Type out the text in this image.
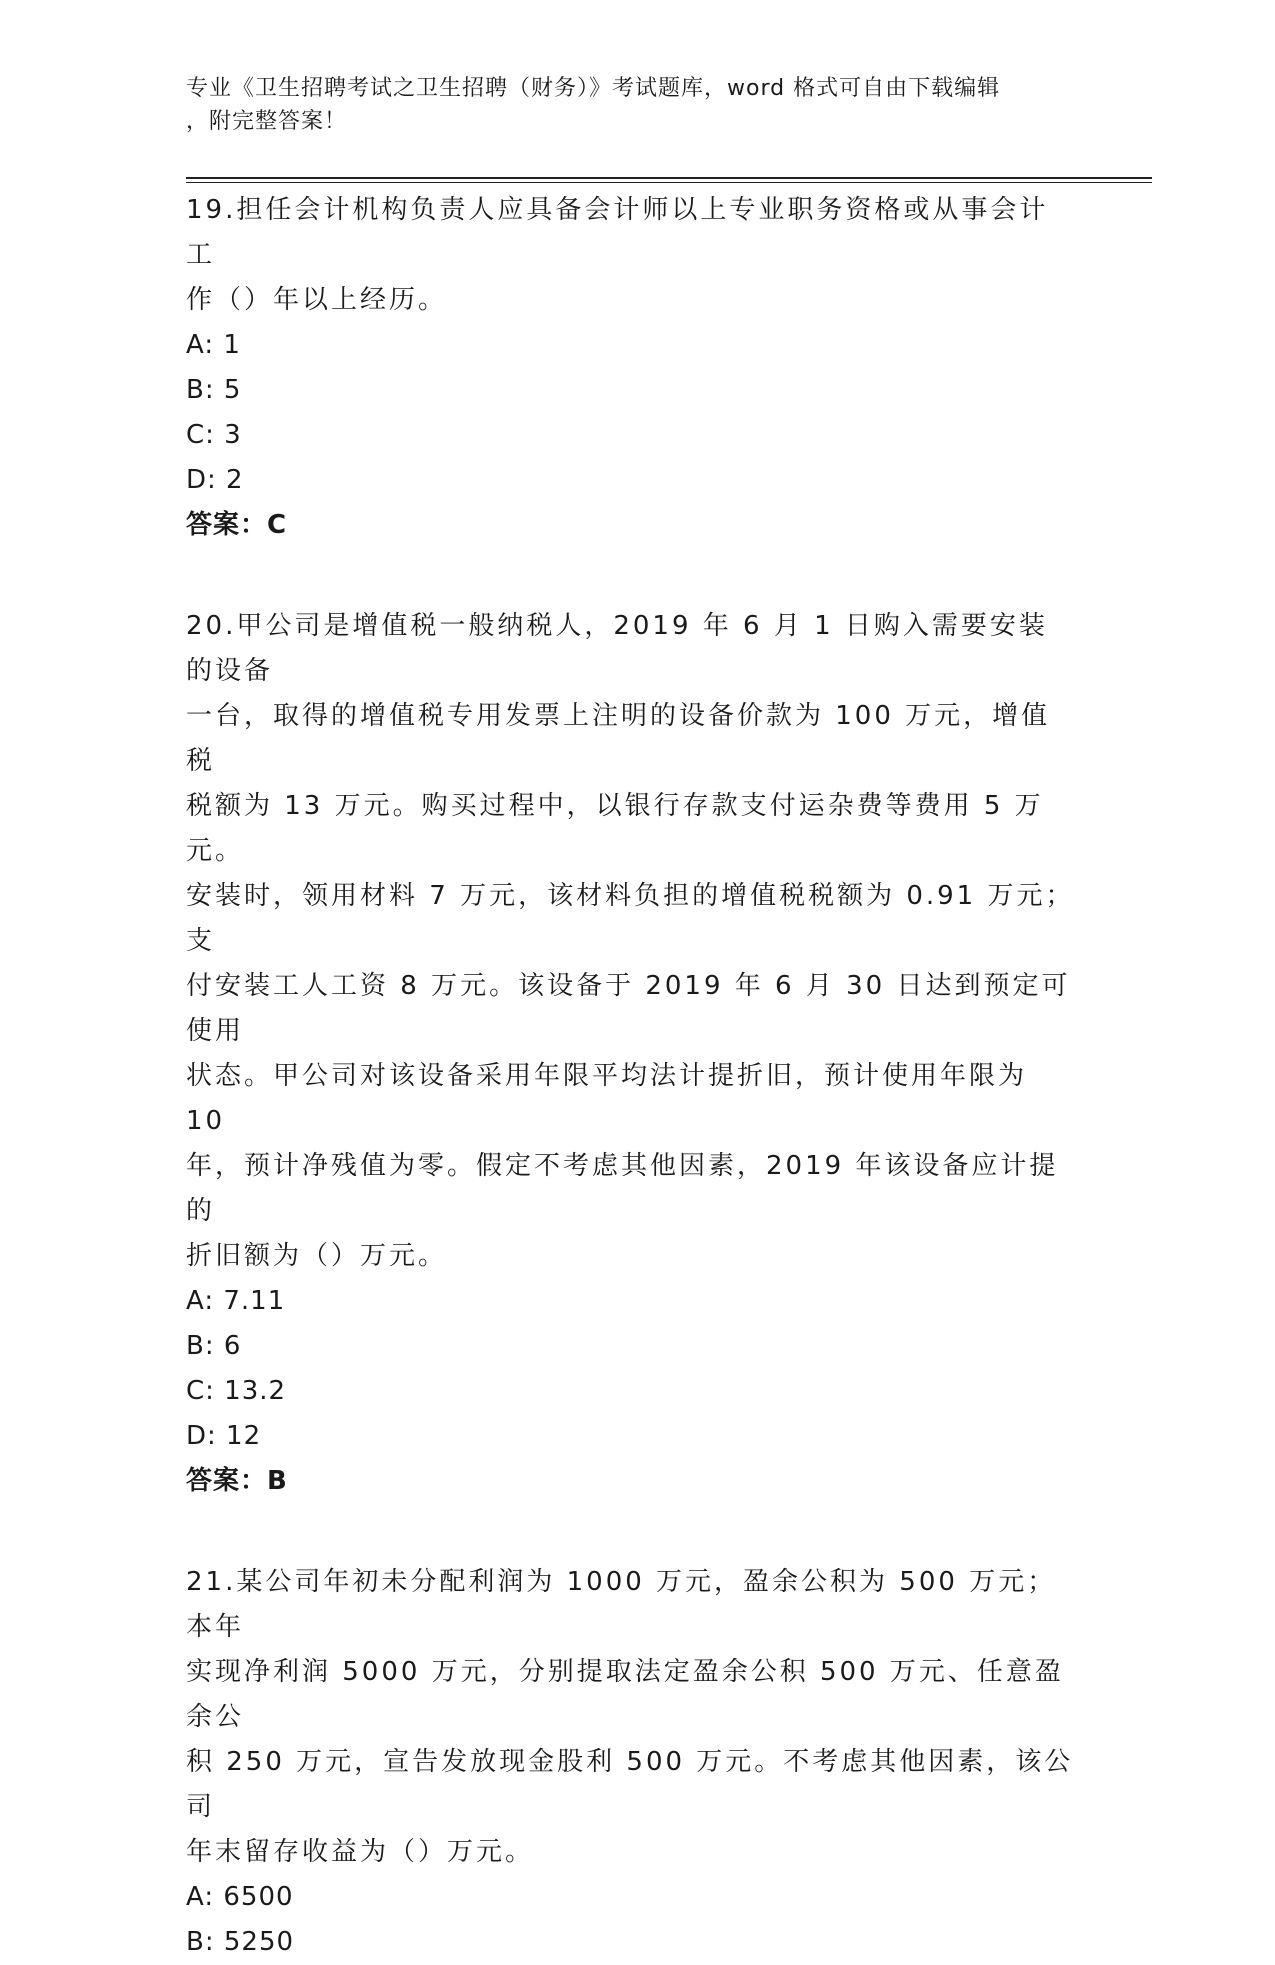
专业《卫生招聘考试之卫生招聘（财务）》考试题库，word 格式可自由下载编辑
，附完整答案！

19.担任会计机构负责人应具备会计师以上专业职务资格或从事会计工
作（）年以上经历。

A: 1

B: 5

C: 3

D: 2

答案：C

20.甲公司是增值税一般纳税人，2019 年 6 月 1 日购入需要安装的设备
一台，取得的增值税专用发票上注明的设备价款为 100 万元，增值税
税额为 13 万元。购买过程中，以银行存款支付运杂费等费用 5 万元。
安装时，领用材料 7 万元，该材料负担的增值税税额为 0.91 万元；支
付安装工人工资 8 万元。该设备于 2019 年 6 月 30 日达到预定可使用
状态。甲公司对该设备采用年限平均法计提折旧，预计使用年限为 10
年，预计净残值为零。假定不考虑其他因素，2019 年该设备应计提的
折旧额为（）万元。

A: 7.11

B: 6

C: 13.2

D: 12

答案：B

21.某公司年初未分配利润为 1000 万元，盈余公积为 500 万元；本年
实现净利润 5000 万元，分别提取法定盈余公积 500 万元、任意盈余公
积 250 万元，宣告发放现金股利 500 万元。不考虑其他因素，该公司
年末留存收益为（）万元。

A: 6500

B: 5250
